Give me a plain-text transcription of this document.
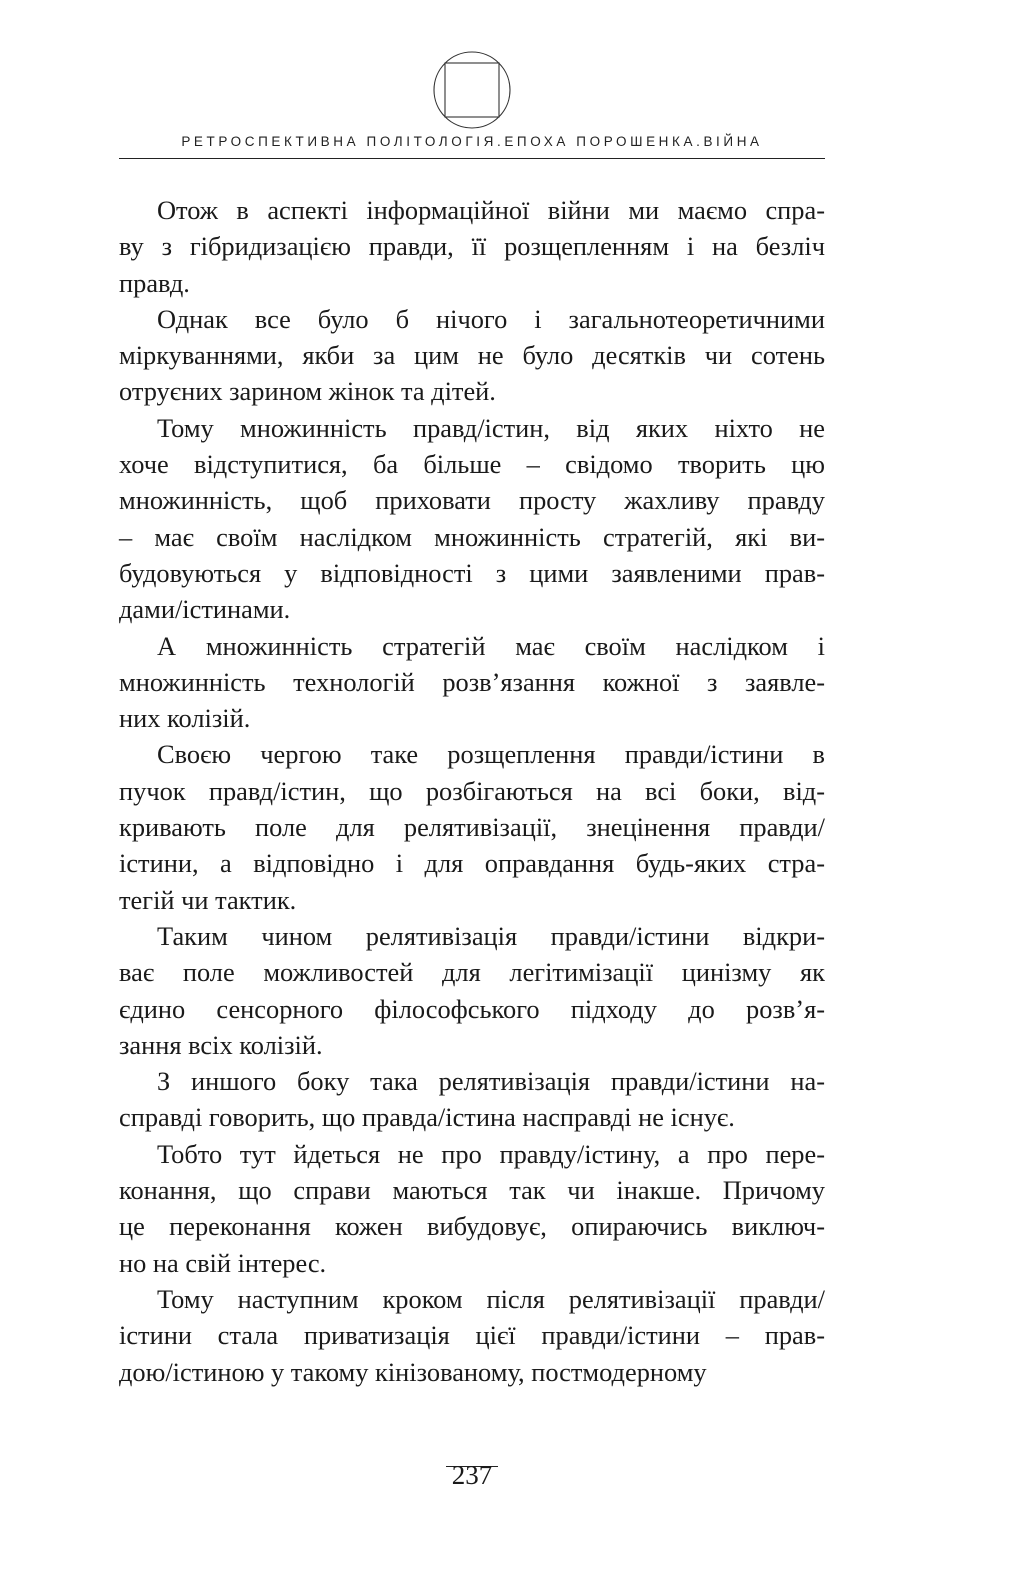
РЕТРОСПЕКТИВНА ПОЛІТОЛОГІЯ.ЕПОХА ПОРОШЕНКА.ВІЙНА
Отож в аспекті інформаційної війни ми маємо спра-
ву з гібридизацією правди, її розщепленням і на безліч
правд.
Однак все було б нічого і загальнотеоретичними
міркуваннями, якби за цим не було десятків чи сотень
отруєних зарином жінок та дітей.
Тому множинність правд/істин, від яких ніхто не
хоче відступитися, ба більше – свідомо творить цю
множинність, щоб приховати просту жахливу правду
– має своїм наслідком множинність стратегій, які ви-
будовуються у відповідності з цими заявленими прав-
дами/істинами.
А множинність стратегій має своїм наслідком і
множинність технологій розв’язання кожної з заявле-
них колізій.
Своєю чергою таке розщеплення правди/істини в
пучок правд/істин, що розбігаються на всі боки, від-
кривають поле для релятивізації, знецінення правди/
істини, а відповідно і для оправдання будь-яких стра-
тегій чи тактик.
Таким чином релятивізація правди/істини відкри-
ває поле можливостей для легітимізації цинізму як
єдино сенсорного філософського підходу до розв’я-
зання всіх колізій.
З иншого боку така релятивізація правди/істини на-
справді говорить, що правда/істина насправді не існує.
Тобто тут йдеться не про правду/істину, а про пере-
конання, що справи маються так чи інакше. Причому
це переконання кожен вибудовує, опираючись виключ-
но на свій інтерес.
Тому наступним кроком після релятивізації правди/
істини стала приватизація цієї правди/істини – прав-
дою/істиною у такому кінізованому, постмодерному
237
